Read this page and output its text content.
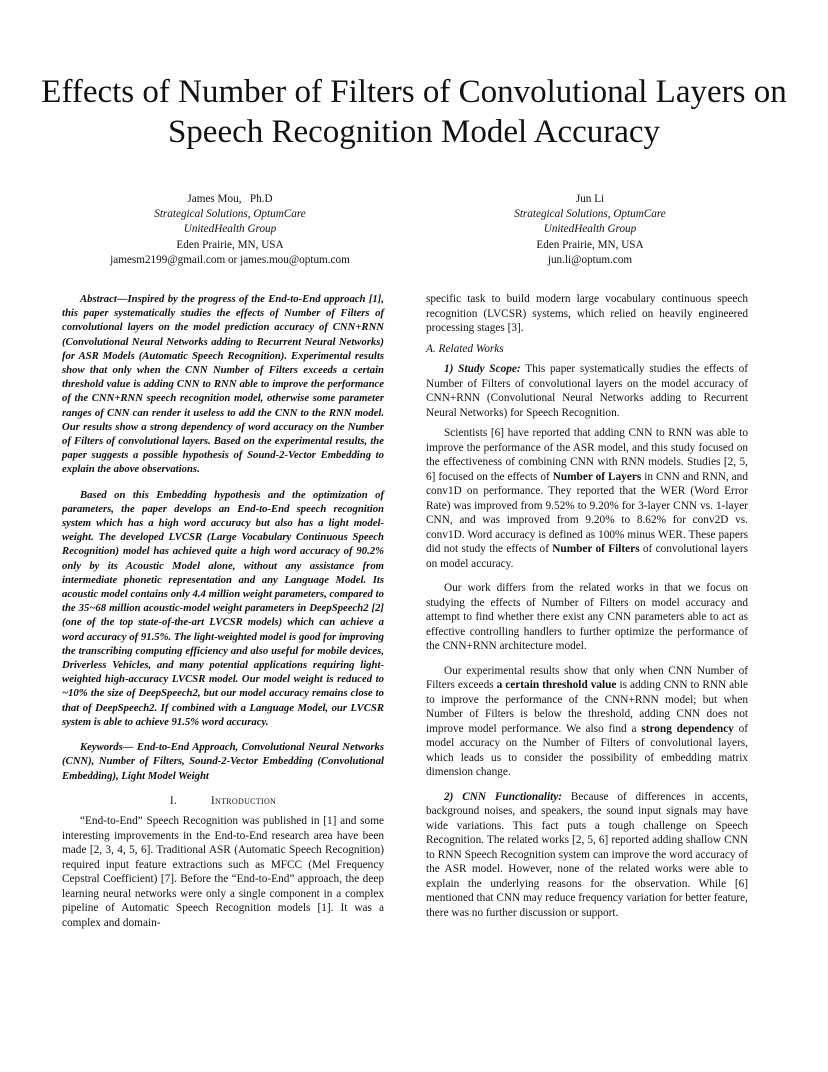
Effects of Number of Filters of Convolutional Layers on Speech Recognition Model Accuracy
James Mou,   Ph.D
Strategical Solutions, OptumCare
UnitedHealth Group
Eden Prairie, MN, USA
jamesm2199@gmail.com or james.mou@optum.com
Jun Li
Strategical Solutions, OptumCare
UnitedHealth Group
Eden Prairie, MN, USA
jun.li@optum.com

Abstract—Inspired by the progress of the End-to-End approach [1], this paper systematically studies the effects of Number of Filters of convolutional layers on the model prediction accuracy of CNN+RNN (Convolutional Neural Networks adding to Recurrent Neural Networks) for ASR Models (Automatic Speech Recognition). Experimental results show that only when the CNN Number of Filters exceeds a certain threshold value is adding CNN to RNN able to improve the performance of the CNN+RNN speech recognition model, otherwise some parameter ranges of CNN can render it useless to add the CNN to the RNN model. Our results show a strong dependency of word accuracy on the Number of Filters of convolutional layers. Based on the experimental results, the paper suggests a possible hypothesis of Sound-2-Vector Embedding to explain the above observations.

Based on this Embedding hypothesis and the optimization of parameters, the paper develops an End-to-End speech recognition system which has a high word accuracy but also has a light model-weight. The developed LVCSR (Large Vocabulary Continuous Speech Recognition) model has achieved quite a high word accuracy of 90.2% only by its Acoustic Model alone, without any assistance from intermediate phonetic representation and any Language Model. Its acoustic model contains only 4.4 million weight parameters, compared to the 35~68 million acoustic-model weight parameters in DeepSpeech2 [2] (one of the top state-of-the-art LVCSR models) which can achieve a word accuracy of 91.5%. The light-weighted model is good for improving the transcribing computing efficiency and also useful for mobile devices, Driverless Vehicles, and many potential applications requiring light-weighted high-accuracy LVCSR model. Our model weight is reduced to ~10% the size of DeepSpeech2, but our model accuracy remains close to that of DeepSpeech2. If combined with a Language Model, our LVCSR system is able to achieve 91.5% word accuracy.

Keywords— End-to-End Approach, Convolutional Neural Networks (CNN), Number of Filters, Sound-2-Vector Embedding (Convolutional Embedding), Light Model Weight

I.	Introduction

“End-to-End” Speech Recognition was published in [1] and some interesting improvements in the End-to-End research area have been made [2, 3, 4, 5, 6]. Traditional ASR (Automatic Speech Recognition) required input feature extractions such as MFCC (Mel Frequency Cepstral Coefficient) [7]. Before the “End-to-End” approach, the deep learning neural networks were only a single component in a complex pipeline of Automatic Speech Recognition models [1]. It was a complex and domain-

specific task to build modern large vocabulary continuous speech recognition (LVCSR) systems, which relied on heavily engineered processing stages [3].

A. Related Works

1) Study Scope: This paper systematically studies the effects of Number of Filters of convolutional layers on the model accuracy of CNN+RNN (Convolutional Neural Networks adding to Recurrent Neural Networks) for Speech Recognition.

Scientists [6] have reported that adding CNN to RNN was able to improve the performance of the ASR model, and this study focused on the effectiveness of combining CNN with RNN models. Studies [2, 5, 6] focused on the effects of Number of Layers in CNN and RNN, and conv1D on performance. They reported that the WER (Word Error Rate) was improved from 9.52% to 9.20% for 3-layer CNN vs. 1-layer CNN, and was improved from 9.20% to 8.62% for conv2D vs. conv1D. Word accuracy is defined as 100% minus WER. These papers did not study the effects of Number of Filters of convolutional layers on model accuracy.

Our work differs from the related works in that we focus on studying the effects of Number of Filters on model accuracy and attempt to find whether there exist any CNN parameters able to act as effective controlling handlers to further optimize the performance of the CNN+RNN architecture model.

Our experimental results show that only when CNN Number of Filters exceeds a certain threshold value is adding CNN to RNN able to improve the performance of the CNN+RNN model; but when Number of Filters is below the threshold, adding CNN does not improve model performance. We also find a strong dependency of model accuracy on the Number of Filters of convolutional layers, which leads us to consider the possibility of embedding matrix dimension change.

2) CNN Functionality: Because of differences in accents, background noises, and speakers, the sound input signals may have wide variations. This fact puts a tough challenge on Speech Recognition. The related works [2, 5, 6] reported adding shallow CNN to RNN Speech Recognition system can improve the word accuracy of the ASR model. However, none of the related works were able to explain the underlying reasons for the observation. While [6] mentioned that CNN may reduce frequency variation for better feature, there was no further discussion or support.
